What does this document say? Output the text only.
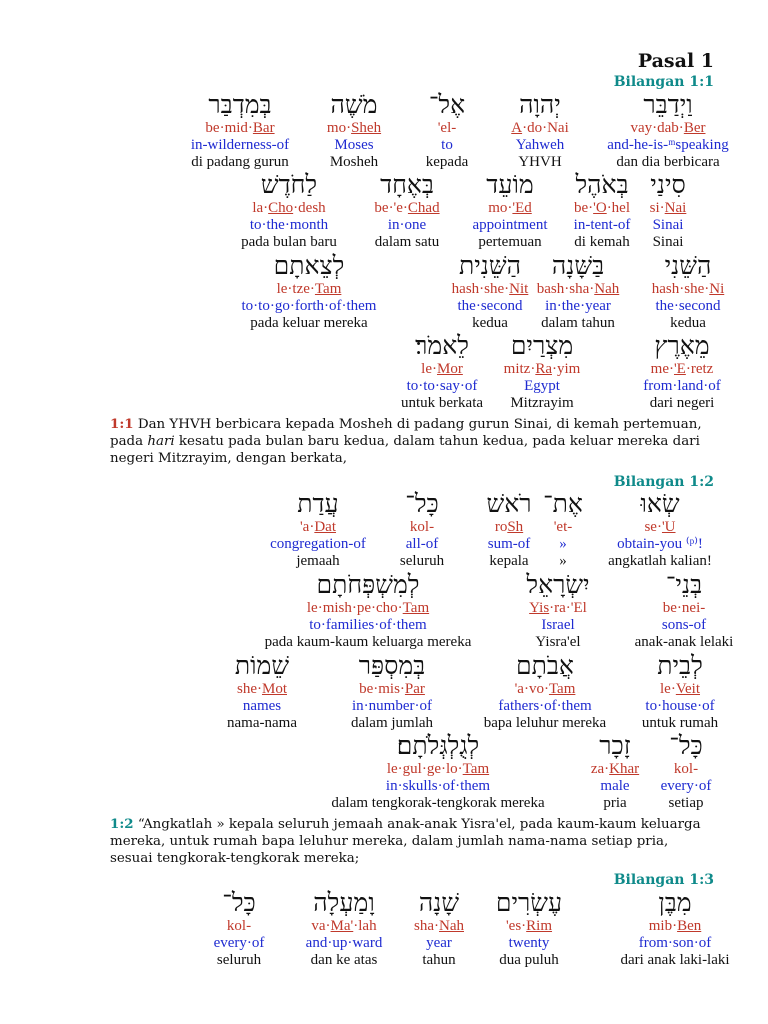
Pasal 1
Bilangan 1:1
וַיְדַבֵּר
vay·dab·Ber
and-he-is-ᵐspeaking
dan dia berbicara
יְהוָה
A·do·Nai
Yahweh
YHVH
אֶל־
'el-
to
kepada
מֹשֶׁה
mo·Sheh
Moses
Mosheh
בְּמִדְבַּר
be·mid·Bar
in-wilderness-of
di padang gurun
סִינַי
si·Nai
Sinai
Sinai
בְּאֹהֶל
be·'O·hel
in-tent-of
di kemah
מוֹעֵד
mo·'Ed
appointment
pertemuan
בְּאֶחָד
be·'e·Chad
in·one
dalam satu
לַחֹדֶשׁ
la·Cho·desh
to·the·month
pada bulan baru
הַשֵּׁנִי
hash·she·Ni
the·second
kedua
בַּשָּׁנָה
bash·sha·Nah
in·the·year
dalam tahun
הַשֵּׁנִית
hash·she·Nit
the·second
kedua
לְצֵאתָם
le·tze·Tam
to·to·go·forth·of·them
pada keluar mereka
מֵאֶרֶץ
me·'E·retz
from·land·of
dari negeri
מִצְרַיִם
mitz·Ra·yim
Egypt
Mitzrayim
לֵאמֹר׃
le·Mor
to·to·say·of
untuk berkata
1:1 Dan YHVH berbicara kepada Mosheh di padang gurun Sinai, di kemah pertemuan,
pada hari kesatu pada bulan baru kedua, dalam tahun kedua, pada keluar mereka dari
negeri Mitzrayim, dengan berkata,
Bilangan 1:2
שְׂאוּ
se·'U
obtain-you ⁽ᵖ⁾!
angkatlah kalian!
אֶת־
'et-
»
»
רֹאשׁ
roSh
sum-of
kepala
כָּל־
kol-
all-of
seluruh
עֲדַת
'a·Dat
congregation-of
jemaah
בְּנֵי־
be·nei-
sons-of
anak-anak lelaki
יִשְׂרָאֵל
Yis·ra·'El
Israel
Yisra'el
לְמִשְׁפְּחֹתָם
le·mish·pe·cho·Tam
to·families·of·them
pada kaum-kaum keluarga mereka
לְבֵית
le·Veit
to·house·of
untuk rumah
אֲבֹתָם
'a·vo·Tam
fathers·of·them
bapa leluhur mereka
בְּמִסְפַּר
be·mis·Par
in·number·of
dalam jumlah
שֵׁמוֹת
she·Mot
names
nama-nama
כָּל־
kol-
every·of
setiap
זָכָר
za·Khar
male
pria
לְגֻלְגְּלֹתָם׃
le·gul·ge·lo·Tam
in·skulls·of·them
dalam tengkorak-tengkorak mereka
1:2 “Angkatlah » kepala seluruh jemaah anak-anak Yisra'el, pada kaum-kaum keluarga
mereka, untuk rumah bapa leluhur mereka, dalam jumlah nama-nama setiap pria,
sesuai tengkorak-tengkorak mereka;
Bilangan 1:3
מִבֶּן
mib·Ben
from·son·of
dari anak laki-laki
עֶשְׂרִים
'es·Rim
twenty
dua puluh
שָׁנָה
sha·Nah
year
tahun
וָמַעְלָה
va·Ma'·lah
and·up·ward
dan ke atas
כָּל־
kol-
every·of
seluruh
